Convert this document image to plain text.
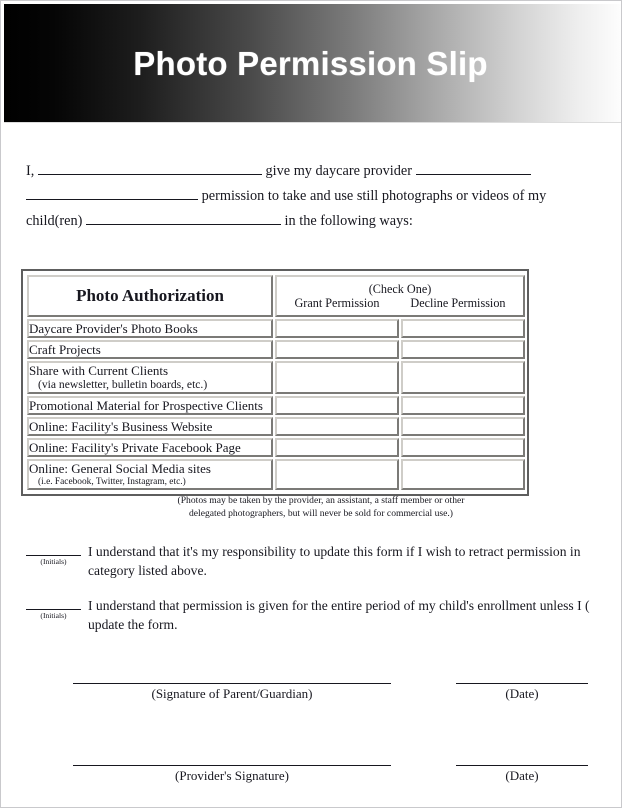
Photo Permission Slip
I,	give my daycare provider   permission to take and use still photographs or videos of my child(ren)	in the following ways:
Photo Authorization	(Check One)
Grant Permission Decline Permission	

Daycare Provider's Photo Books		

Craft Projects		

Share with Current Clients
(via newsletter, bulletin boards, etc.)		

Promotional Material for Prospective Clients		

Online: Facility's Business Website		

Online: Facility's Private Facebook Page		

Online: General Social Media sites
(i.e. Facebook, Twitter, Instagram, etc.)		

(Photos may be taken by the provider, an assistant, a staff member or other
delegated photographers, but will never be sold for commercial use.)
(Initials)
I understand that it's my responsibility to update this form if I wish to retract permission in category listed above.
(Initials)
I understand that permission is given for the entire period of my child's enrollment unless I ( update the form.
(Signature of Parent/Guardian)	(Date)
(Provider's Signature)	(Date)
